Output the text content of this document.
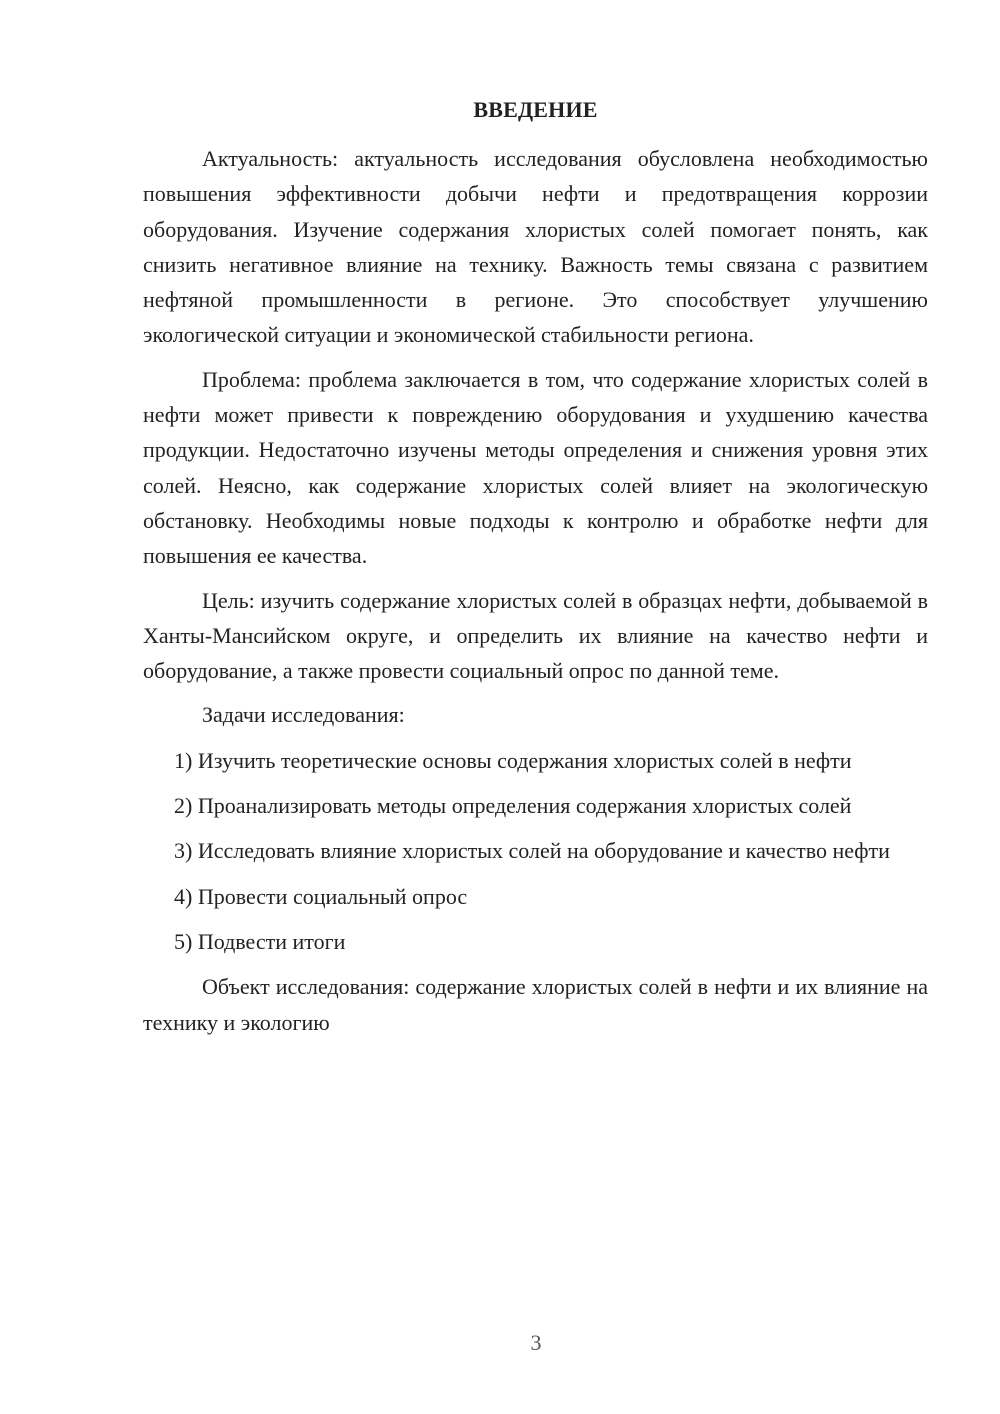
ВВЕДЕНИЕ

Актуальность: актуальность исследования обусловлена необходимостью повышения эффективности добычи нефти и предотвращения коррозии оборудования. Изучение содержания хлористых солей помогает понять, как снизить негативное влияние на технику. Важность темы связана с развитием нефтяной промышленности в регионе. Это способствует улучшению экологической ситуации и экономической стабильности региона.

Проблема: проблема заключается в том, что содержание хлористых солей в нефти может привести к повреждению оборудования и ухудшению качества продукции. Недостаточно изучены методы определения и снижения уровня этих солей. Неясно, как содержание хлористых солей влияет на экологическую обстановку. Необходимы новые подходы к контролю и обработке нефти для повышения ее качества.

Цель: изучить содержание хлористых солей в образцах нефти, добываемой в Ханты-Мансийском округе, и определить их влияние на качество нефти и оборудование, а также провести социальный опрос по данной теме.

Задачи исследования:

1) Изучить теоретические основы содержания хлористых солей в нефти

2) Проанализировать методы определения содержания хлористых солей

3) Исследовать влияние хлористых солей на оборудование и качество нефти

4) Провести социальный опрос

5) Подвести итоги

Объект исследования: содержание хлористых солей в нефти и их влияние на технику и экологию

3
